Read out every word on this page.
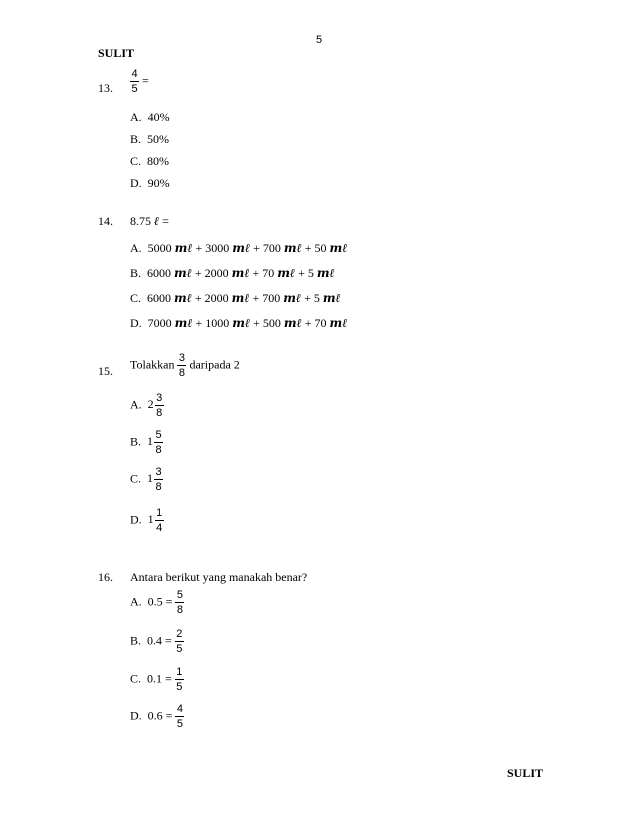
5
SULIT
13. $\frac{4}{5}$ =
A. 40%
B. 50%
C. 80%
D. 90%
14. 8.75 ℓ =
A. 5000 mℓ + 3000 mℓ + 700 mℓ + 50 mℓ
B. 6000 mℓ + 2000 mℓ + 70 mℓ + 5 mℓ
C. 6000 mℓ + 2000 mℓ + 700 mℓ + 5 mℓ
D. 7000 mℓ + 1000 mℓ + 500 mℓ + 70 mℓ
15. Tolakkan $\frac{3}{8}$ daripada 2
A. $2 \frac{3}{8}$
B. $1 \frac{5}{8}$
C. $1 \frac{3}{8}$
D. $1 \frac{1}{4}$
16. Antara berikut yang manakah benar?
A. $0.5 = \frac{5}{8}$
B. $0.4 = \frac{2}{5}$
C. $0.1 = \frac{1}{5}$
D. $0.6 = \frac{4}{5}$
SULIT
